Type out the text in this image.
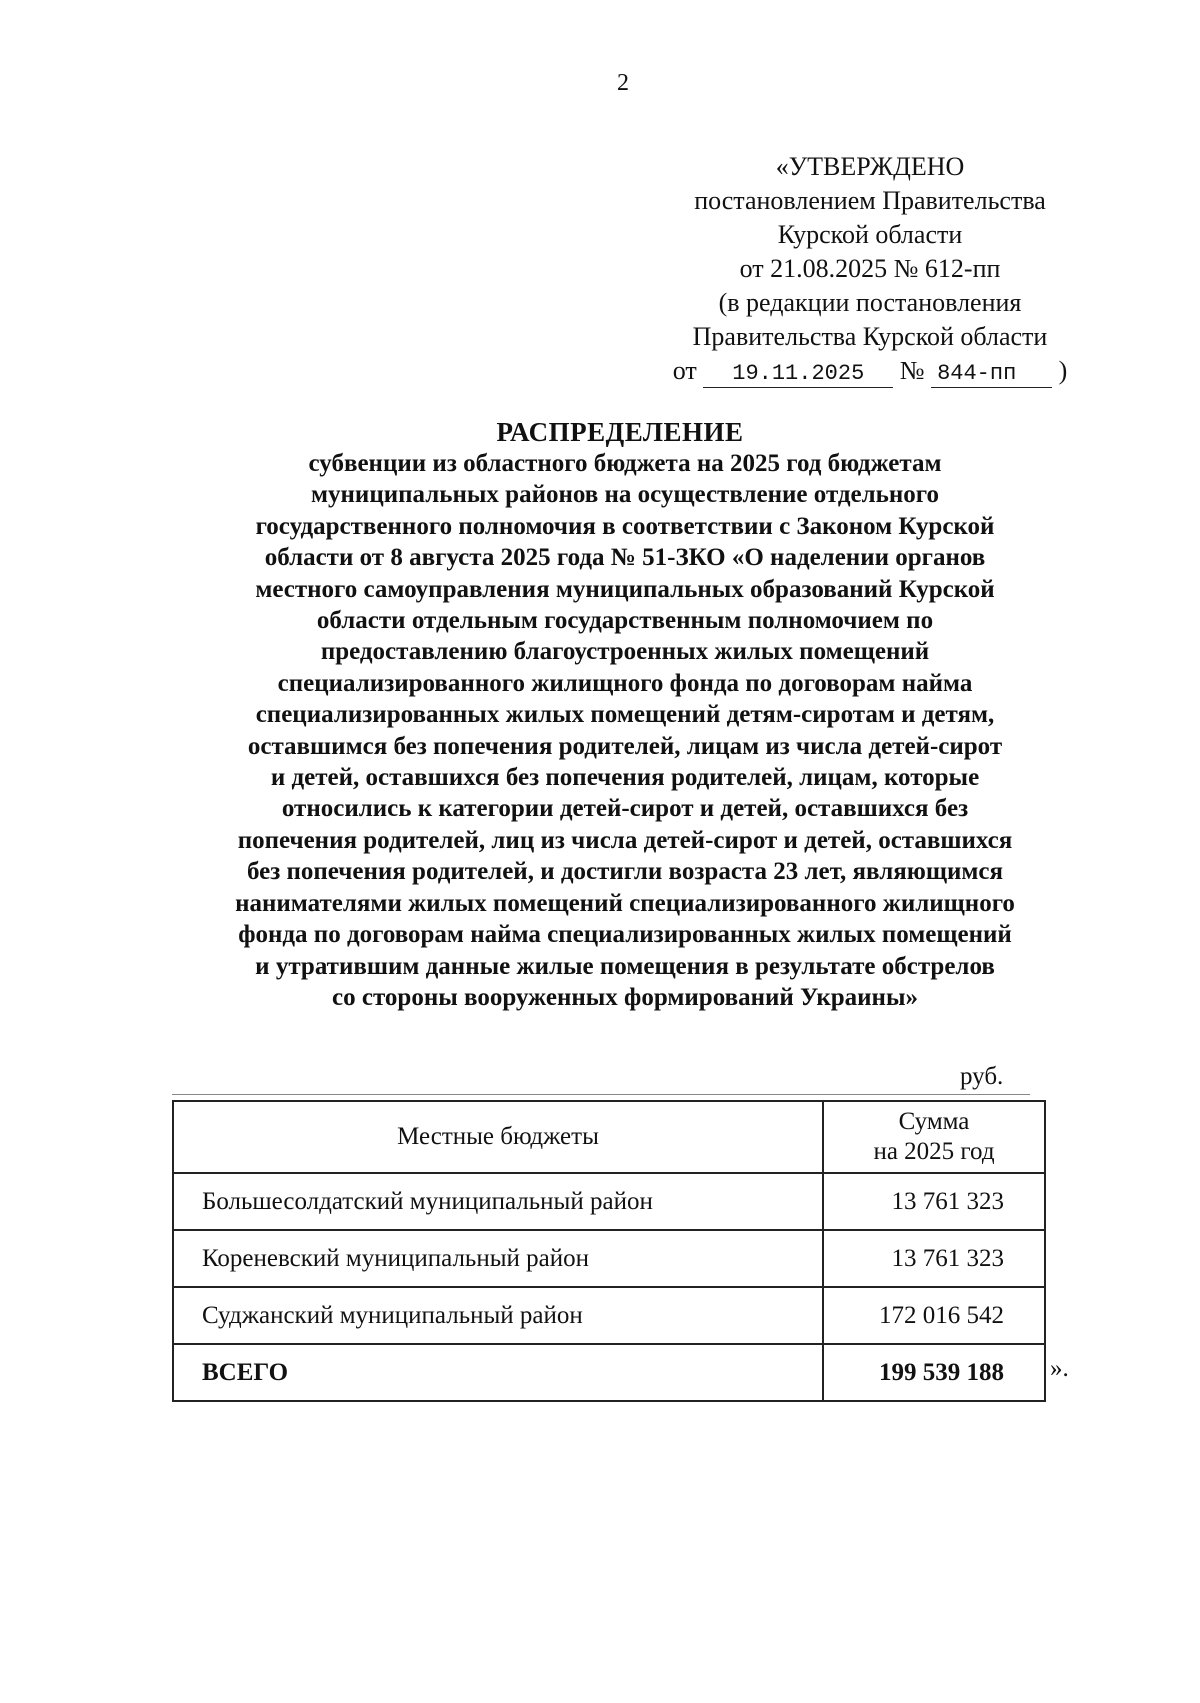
2
«УТВЕРЖДЕНО
постановлением Правительства
Курской области
от 21.08.2025 № 612-пп
(в редакции постановления
Правительства Курской области
от 19.11.2025 № 844-пп )
РАСПРЕДЕЛЕНИЕ
субвенции из областного бюджета на 2025 год бюджетам
муниципальных районов на осуществление отдельного
государственного полномочия в соответствии с Законом Курской
области от 8 августа 2025 года № 51-ЗКО «О наделении органов
местного самоуправления муниципальных образований Курской
области отдельным государственным полномочием по
предоставлению благоустроенных жилых помещений
специализированного жилищного фонда по договорам найма
специализированных жилых помещений детям-сиротам и детям,
оставшимся без попечения родителей, лицам из числа детей-сирот
и детей, оставшихся без попечения родителей, лицам, которые
относились к категории детей-сирот и детей, оставшихся без
попечения родителей, лиц из числа детей-сирот и детей, оставшихся
без попечения родителей, и достигли возраста 23 лет, являющимся
нанимателями жилых помещений специализированного жилищного
фонда по договорам найма специализированных жилых помещений
и утратившим данные жилые помещения в результате обстрелов
со стороны вооруженных формирований Украины»
руб.
Местные бюджеты	Сумма
на 2025 год
Большесолдатский муниципальный район	13 761 323
Кореневский муниципальный район	13 761 323
Суджанский муниципальный район	172 016 542
ВСЕГО	199 539 188 ».
